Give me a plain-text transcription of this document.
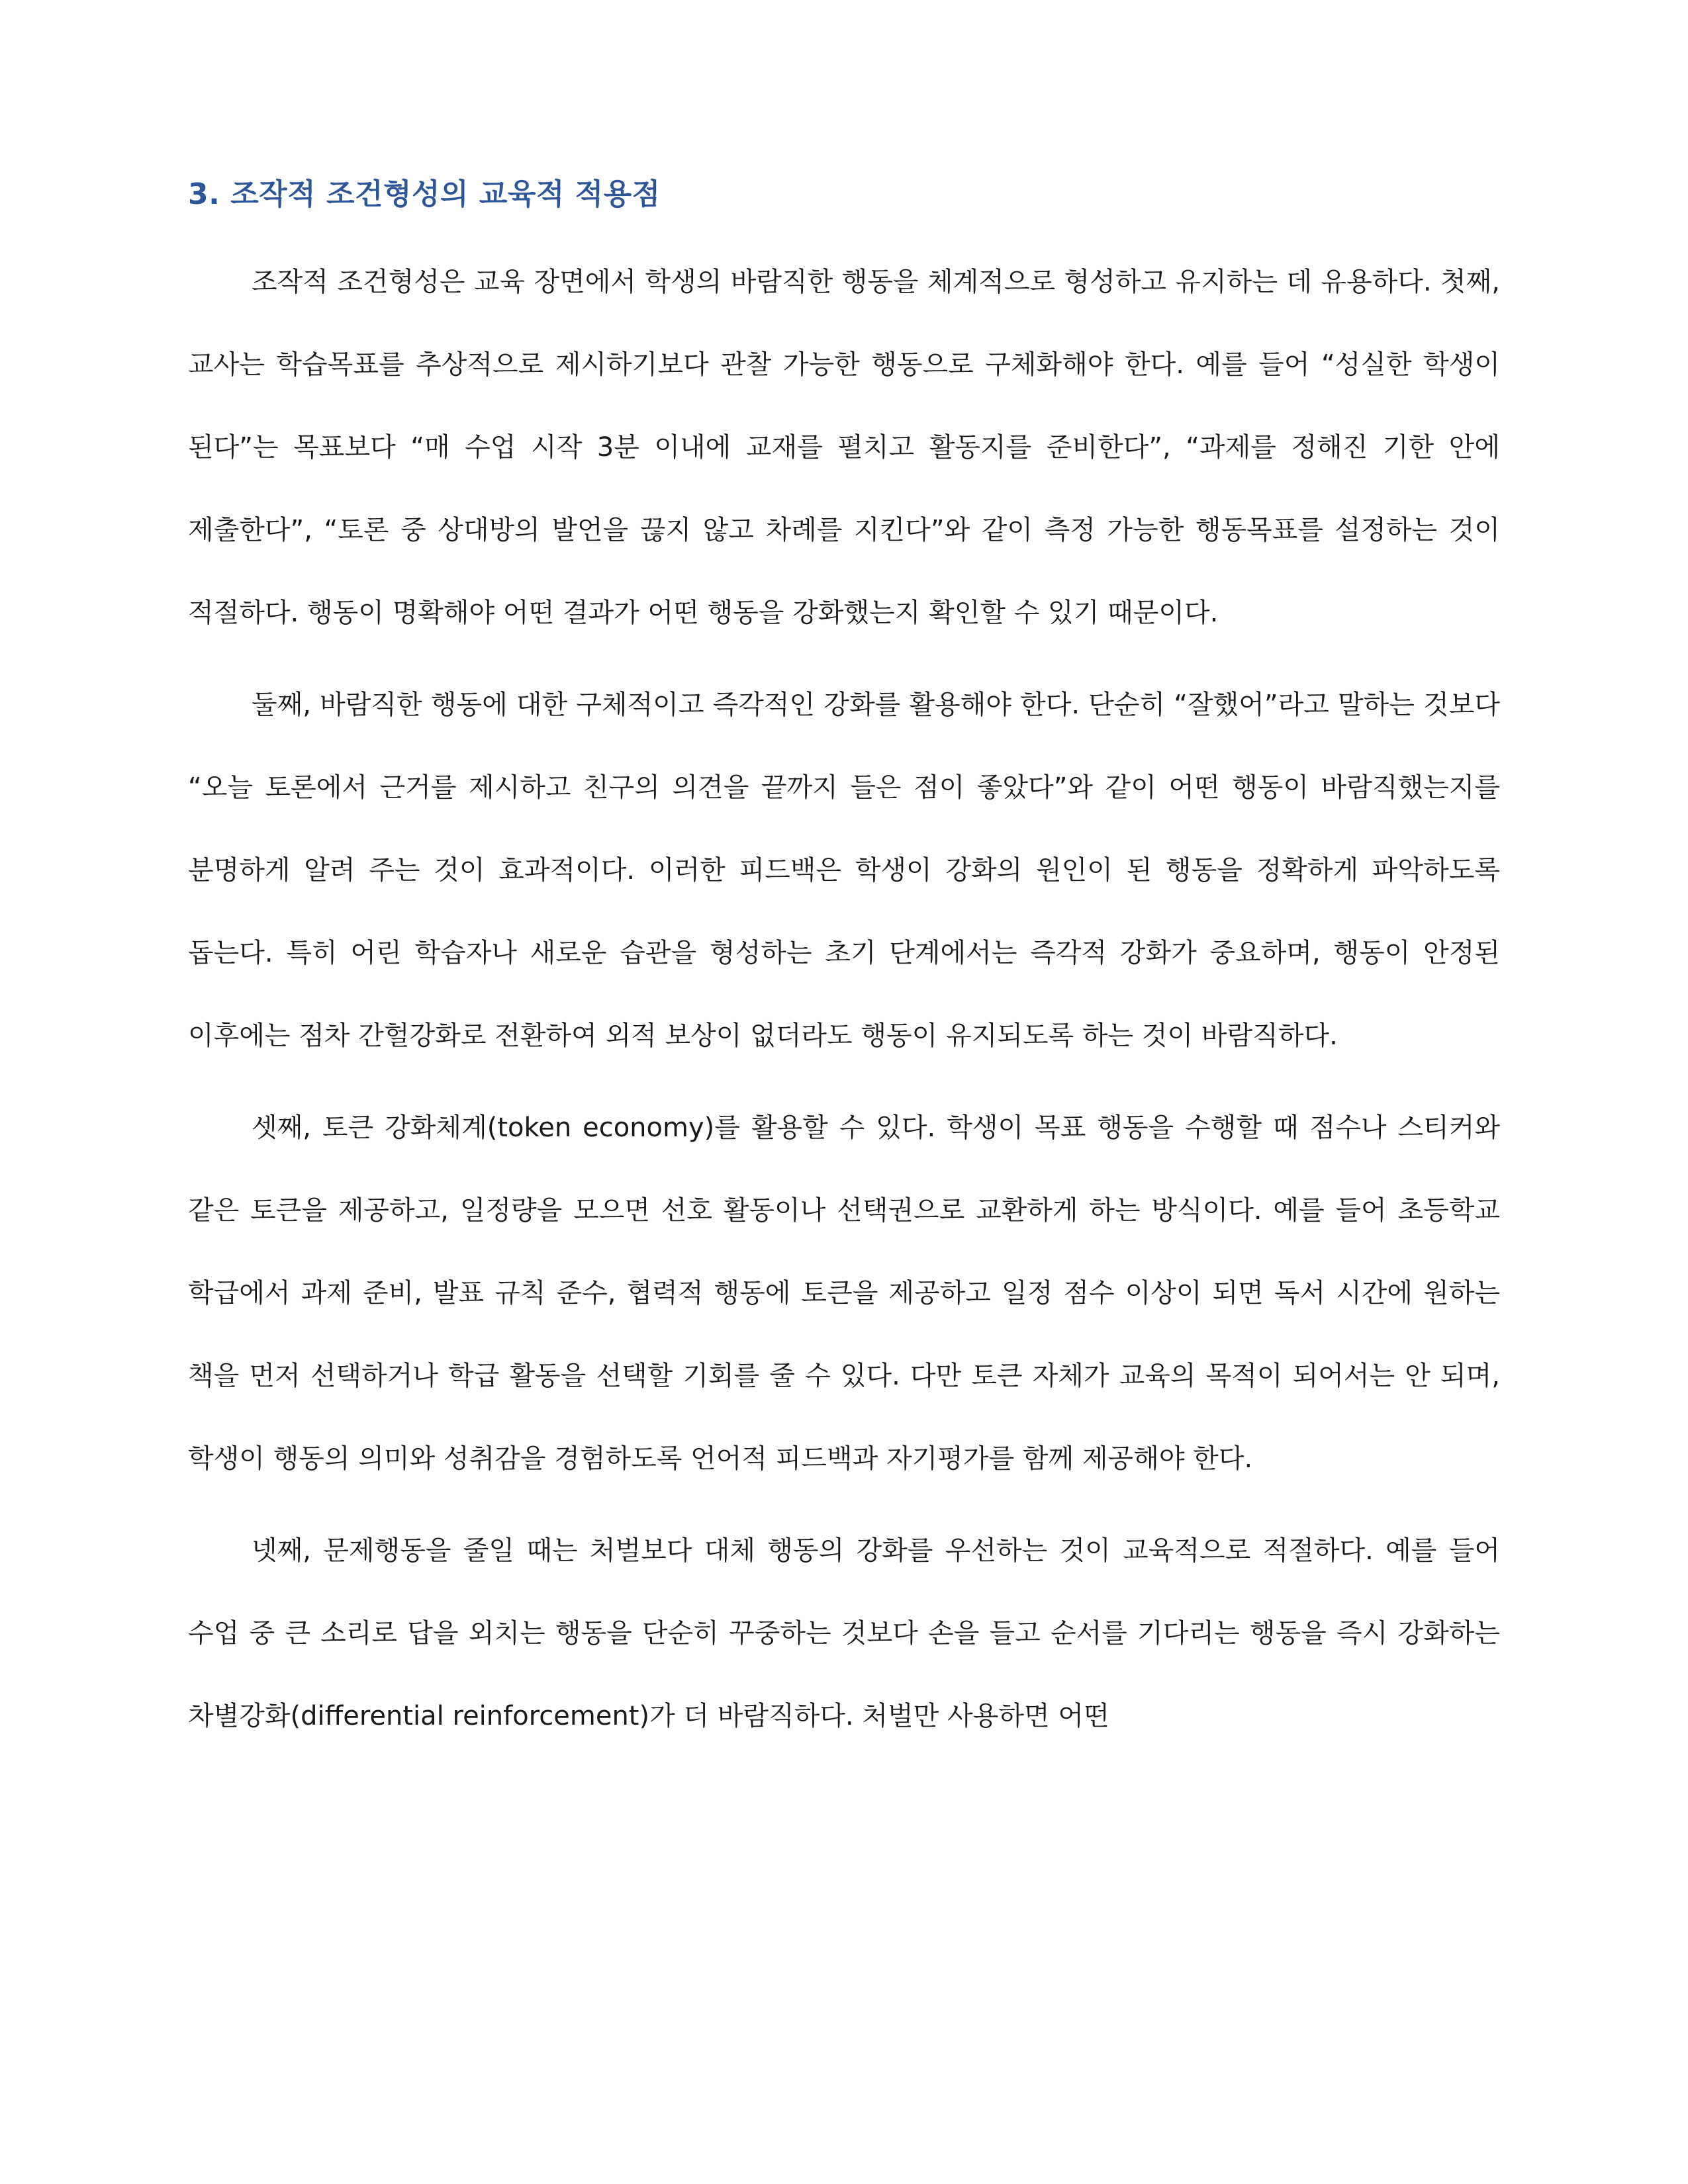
3. 조작적 조건형성의 교육적 적용점

조작적 조건형성은 교육 장면에서 학생의 바람직한 행동을 체계적으로 형성하고 유지하는 데 유용하다. 첫째, 교사는 학습목표를 추상적으로 제시하기보다 관찰 가능한 행동으로 구체화해야 한다. 예를 들어 “성실한 학생이 된다”는 목표보다 “매 수업 시작 3분 이내에 교재를 펼치고 활동지를 준비한다”, “과제를 정해진 기한 안에 제출한다”, “토론 중 상대방의 발언을 끊지 않고 차례를 지킨다”와 같이 측정 가능한 행동목표를 설정하는 것이 적절하다. 행동이 명확해야 어떤 결과가 어떤 행동을 강화했는지 확인할 수 있기 때문이다.

둘째, 바람직한 행동에 대한 구체적이고 즉각적인 강화를 활용해야 한다. 단순히 “잘했어”라고 말하는 것보다 “오늘 토론에서 근거를 제시하고 친구의 의견을 끝까지 들은 점이 좋았다”와 같이 어떤 행동이 바람직했는지를 분명하게 알려 주는 것이 효과적이다. 이러한 피드백은 학생이 강화의 원인이 된 행동을 정확하게 파악하도록 돕는다. 특히 어린 학습자나 새로운 습관을 형성하는 초기 단계에서는 즉각적 강화가 중요하며, 행동이 안정된 이후에는 점차 간헐강화로 전환하여 외적 보상이 없더라도 행동이 유지되도록 하는 것이 바람직하다.

셋째, 토큰 강화체계(token economy)를 활용할 수 있다. 학생이 목표 행동을 수행할 때 점수나 스티커와 같은 토큰을 제공하고, 일정량을 모으면 선호 활동이나 선택권으로 교환하게 하는 방식이다. 예를 들어 초등학교 학급에서 과제 준비, 발표 규칙 준수, 협력적 행동에 토큰을 제공하고 일정 점수 이상이 되면 독서 시간에 원하는 책을 먼저 선택하거나 학급 활동을 선택할 기회를 줄 수 있다. 다만 토큰 자체가 교육의 목적이 되어서는 안 되며, 학생이 행동의 의미와 성취감을 경험하도록 언어적 피드백과 자기평가를 함께 제공해야 한다.

넷째, 문제행동을 줄일 때는 처벌보다 대체 행동의 강화를 우선하는 것이 교육적으로 적절하다. 예를 들어 수업 중 큰 소리로 답을 외치는 행동을 단순히 꾸중하는 것보다 손을 들고 순서를 기다리는 행동을 즉시 강화하는 차별강화(differential reinforcement)가 더 바람직하다. 처벌만 사용하면 어떤
